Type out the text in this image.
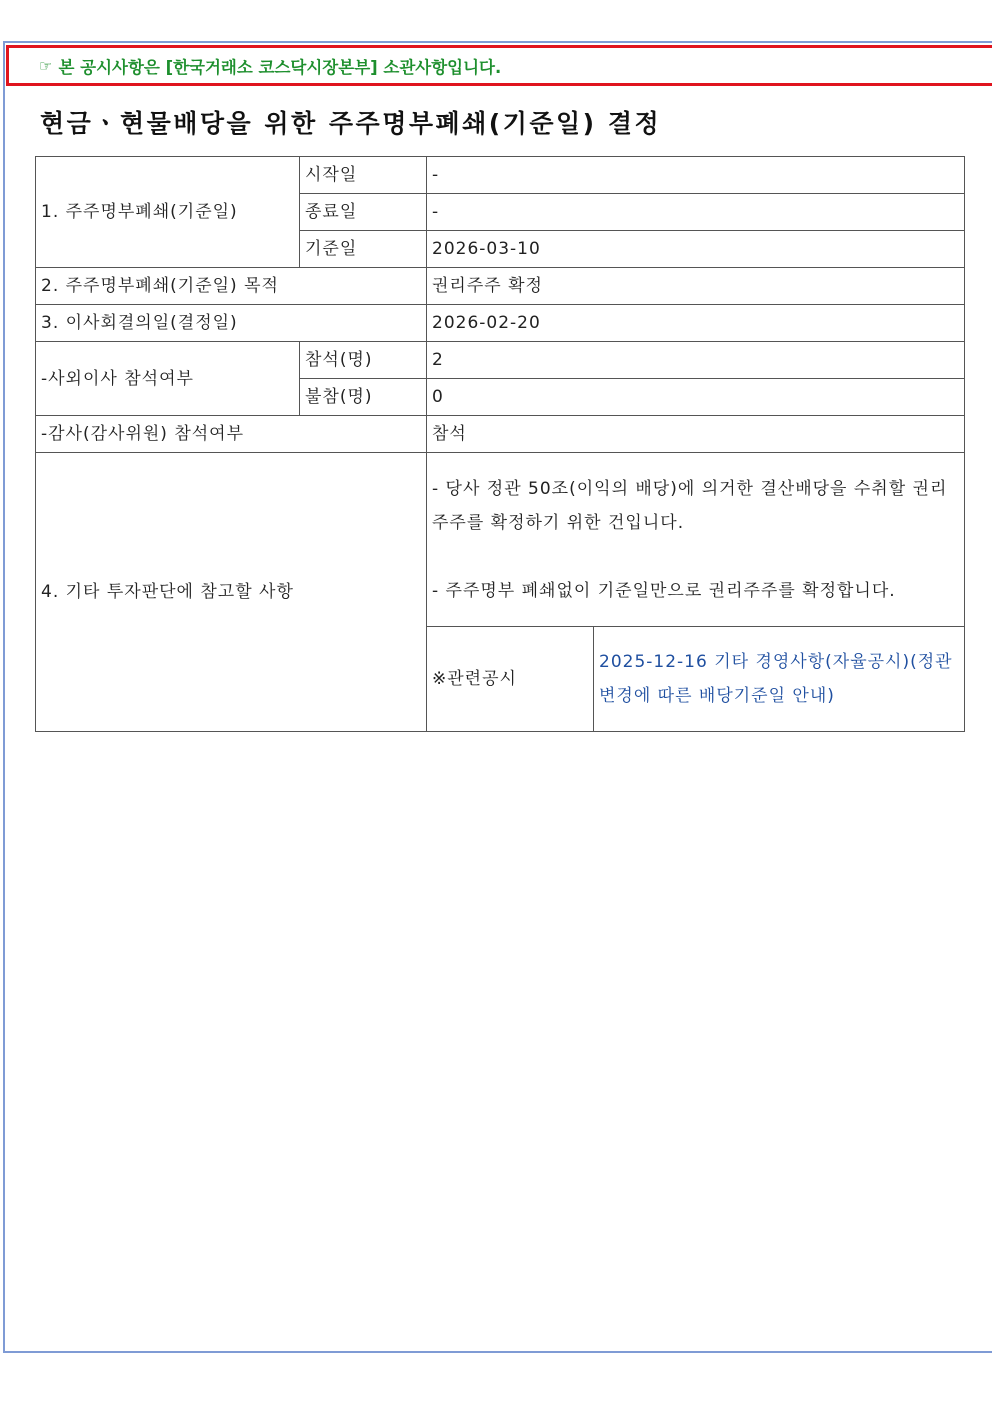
☞ 본 공시사항은 [한국거래소 코스닥시장본부] 소관사항입니다.
현금ㆍ현물배당을 위한 주주명부폐쇄(기준일) 결정
1. 주주명부폐쇄(기준일)	시작일	-	
	종료일	-	
	기준일	2026-03-10	
2. 주주명부폐쇄(기준일) 목적		권리주주 확정	
3. 이사회결의일(결정일)		2026-02-20	
-사외이사 참석여부	참석(명)	2	
	불참(명)	0	
-감사(감사위원) 참석여부		참석	
4. 기타 투자판단에 참고할 사항		- 당사 정관 50조(이익의 배당)에 의거한 결산배당을 수취할 권리주주를 확정하기 위한 건입니다.

- 주주명부 폐쇄없이 기준일만으로 권리주주를 확정합니다.	

		※관련공시	2025-12-16 기타 경영사항(자율공시)(정관 변경에 따른 배당기준일 안내)
